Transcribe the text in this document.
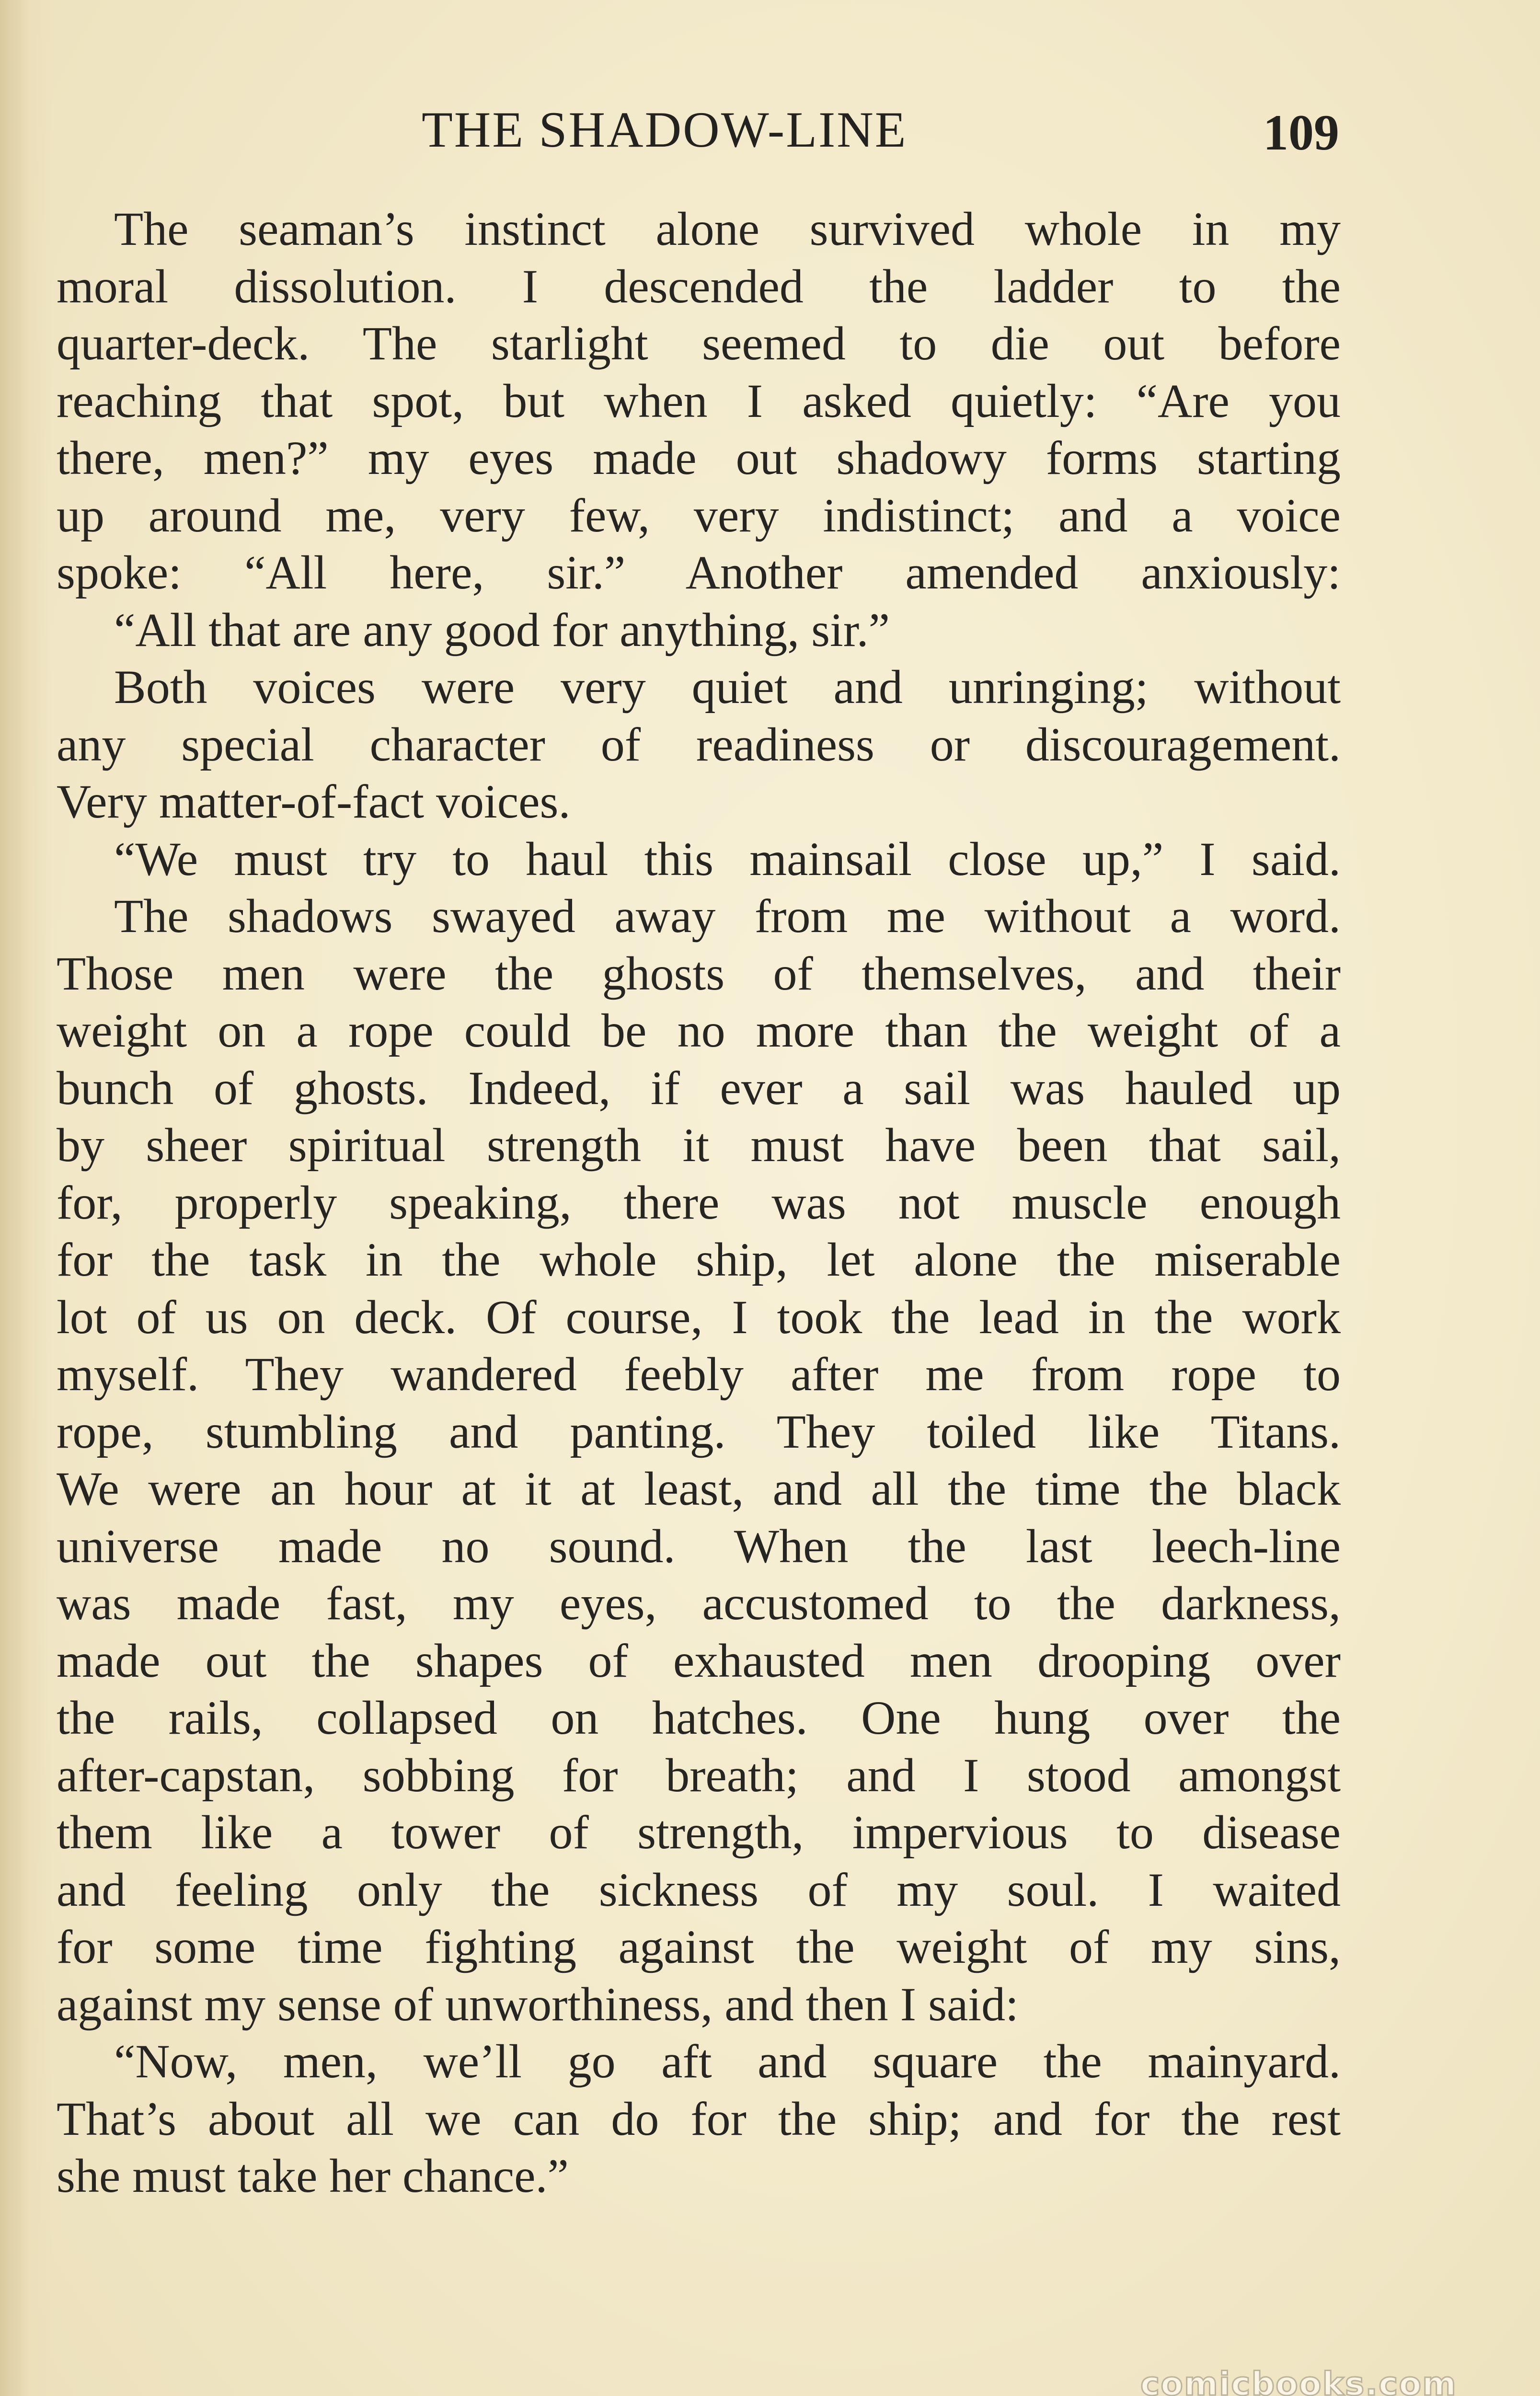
THE SHADOW-LINE	109
The seaman’s instinct alone survived whole in my
moral dissolution. I descended the ladder to the
quarter-deck. The starlight seemed to die out before
reaching that spot, but when I asked quietly: “Are you
there, men?” my eyes made out shadowy forms starting
up around me, very few, very indistinct; and a voice
spoke: “All here, sir.” Another amended anxiously:
“All that are any good for anything, sir.”
Both voices were very quiet and unringing; without
any special character of readiness or discouragement.
Very matter-of-fact voices.
“We must try to haul this mainsail close up,” I said.
The shadows swayed away from me without a word.
Those men were the ghosts of themselves, and their
weight on a rope could be no more than the weight of a
bunch of ghosts. Indeed, if ever a sail was hauled up
by sheer spiritual strength it must have been that sail,
for, properly speaking, there was not muscle enough
for the task in the whole ship, let alone the miserable
lot of us on deck. Of course, I took the lead in the work
myself. They wandered feebly after me from rope to
rope, stumbling and panting. They toiled like Titans.
We were an hour at it at least, and all the time the black
universe made no sound. When the last leech-line
was made fast, my eyes, accustomed to the darkness,
made out the shapes of exhausted men drooping over
the rails, collapsed on hatches. One hung over the
after-capstan, sobbing for breath; and I stood amongst
them like a tower of strength, impervious to disease
and feeling only the sickness of my soul. I waited
for some time fighting against the weight of my sins,
against my sense of unworthiness, and then I said:
“Now, men, we’ll go aft and square the mainyard.
That’s about all we can do for the ship; and for the rest
she must take her chance.”
comicbooks.com
